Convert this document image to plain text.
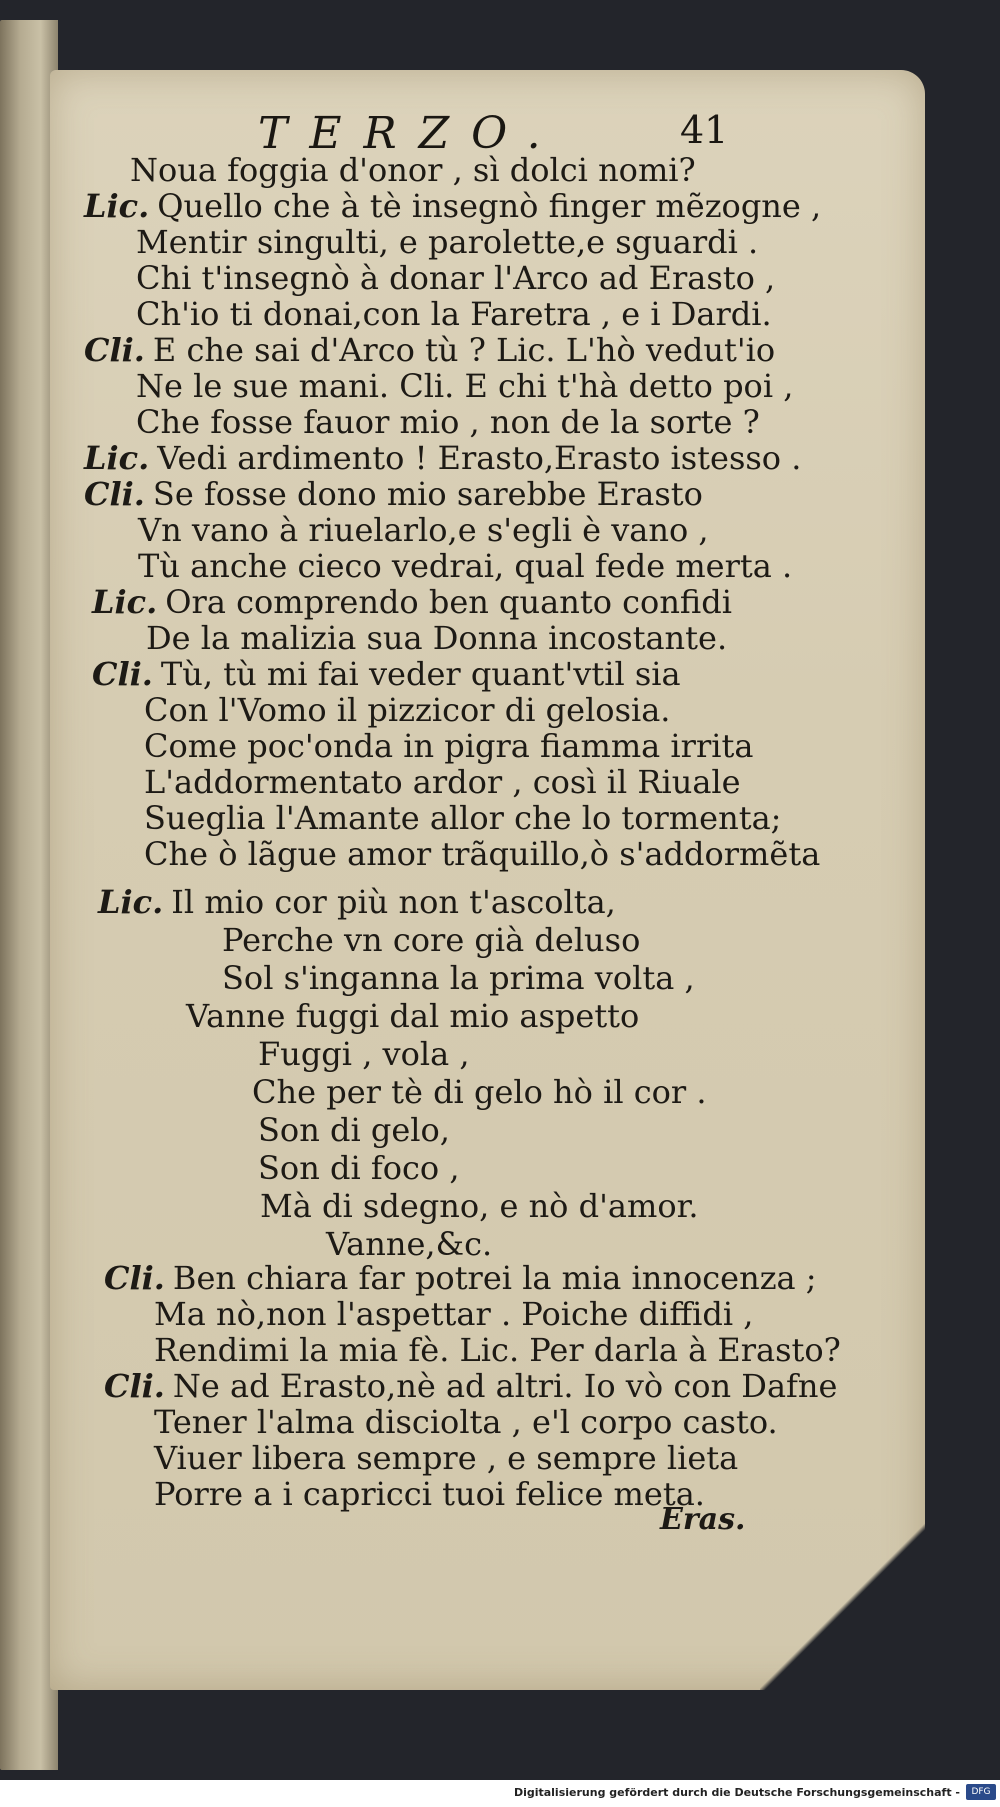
TERZO.	41
Noua foggia d'onor , sì dolci nomi?
Lic. Quello che à tè insegnò finger mẽzogne ,
Mentir singulti, e parolette,e sguardi .
Chi t'insegnò à donar l'Arco ad Erasto ,
Ch'io ti donai,con la Faretra , e i Dardi.
Cli. E che sai d'Arco tù ? Lic. L'hò vedut'io
Ne le sue mani. Cli. E chi t'hà detto poi ,
Che fosse fauor mio , non de la sorte ?
Lic. Vedi ardimento ! Erasto,Erasto istesso .
Cli. Se fosse dono mio sarebbe Erasto
Vn vano à riuelarlo,e s'egli è vano ,
Tù anche cieco vedrai, qual fede merta .
Lic. Ora comprendo ben quanto confidi
De la malizia sua Donna incostante.
Cli. Tù, tù mi fai veder quant'vtil sia
Con l'Vomo il pizzicor di gelosia.
Come poc'onda in pigra fiamma irrita
L'addormentato ardor , così il Riuale
Sueglia l'Amante allor che lo tormenta;
Che ò lãgue amor trãquillo,ò s'addormẽta
Lic. Il mio cor più non t'ascolta,
Perche vn core già deluso
Sol s'inganna la prima volta ,
Vanne fuggi dal mio aspetto
Fuggi , vola ,
Che per tè di gelo hò il cor .
Son di gelo,
Son di foco ,
Mà di sdegno, e nò d'amor.
Vanne,&c.
Cli. Ben chiara far potrei la mia innocenza ;
Ma nò,non l'aspettar . Poiche diffidi ,
Rendimi la mia fè. Lic. Per darla à Erasto?
Cli. Ne ad Erasto,nè ad altri. Io vò con Dafne
Tener l'alma disciolta , e'l corpo casto.
Viuer libera sempre , e sempre lieta
Porre a i capricci tuoi felice meta.
Eras.
Digitalisierung gefördert durch die Deutsche Forschungsgemeinschaft -	DFG
